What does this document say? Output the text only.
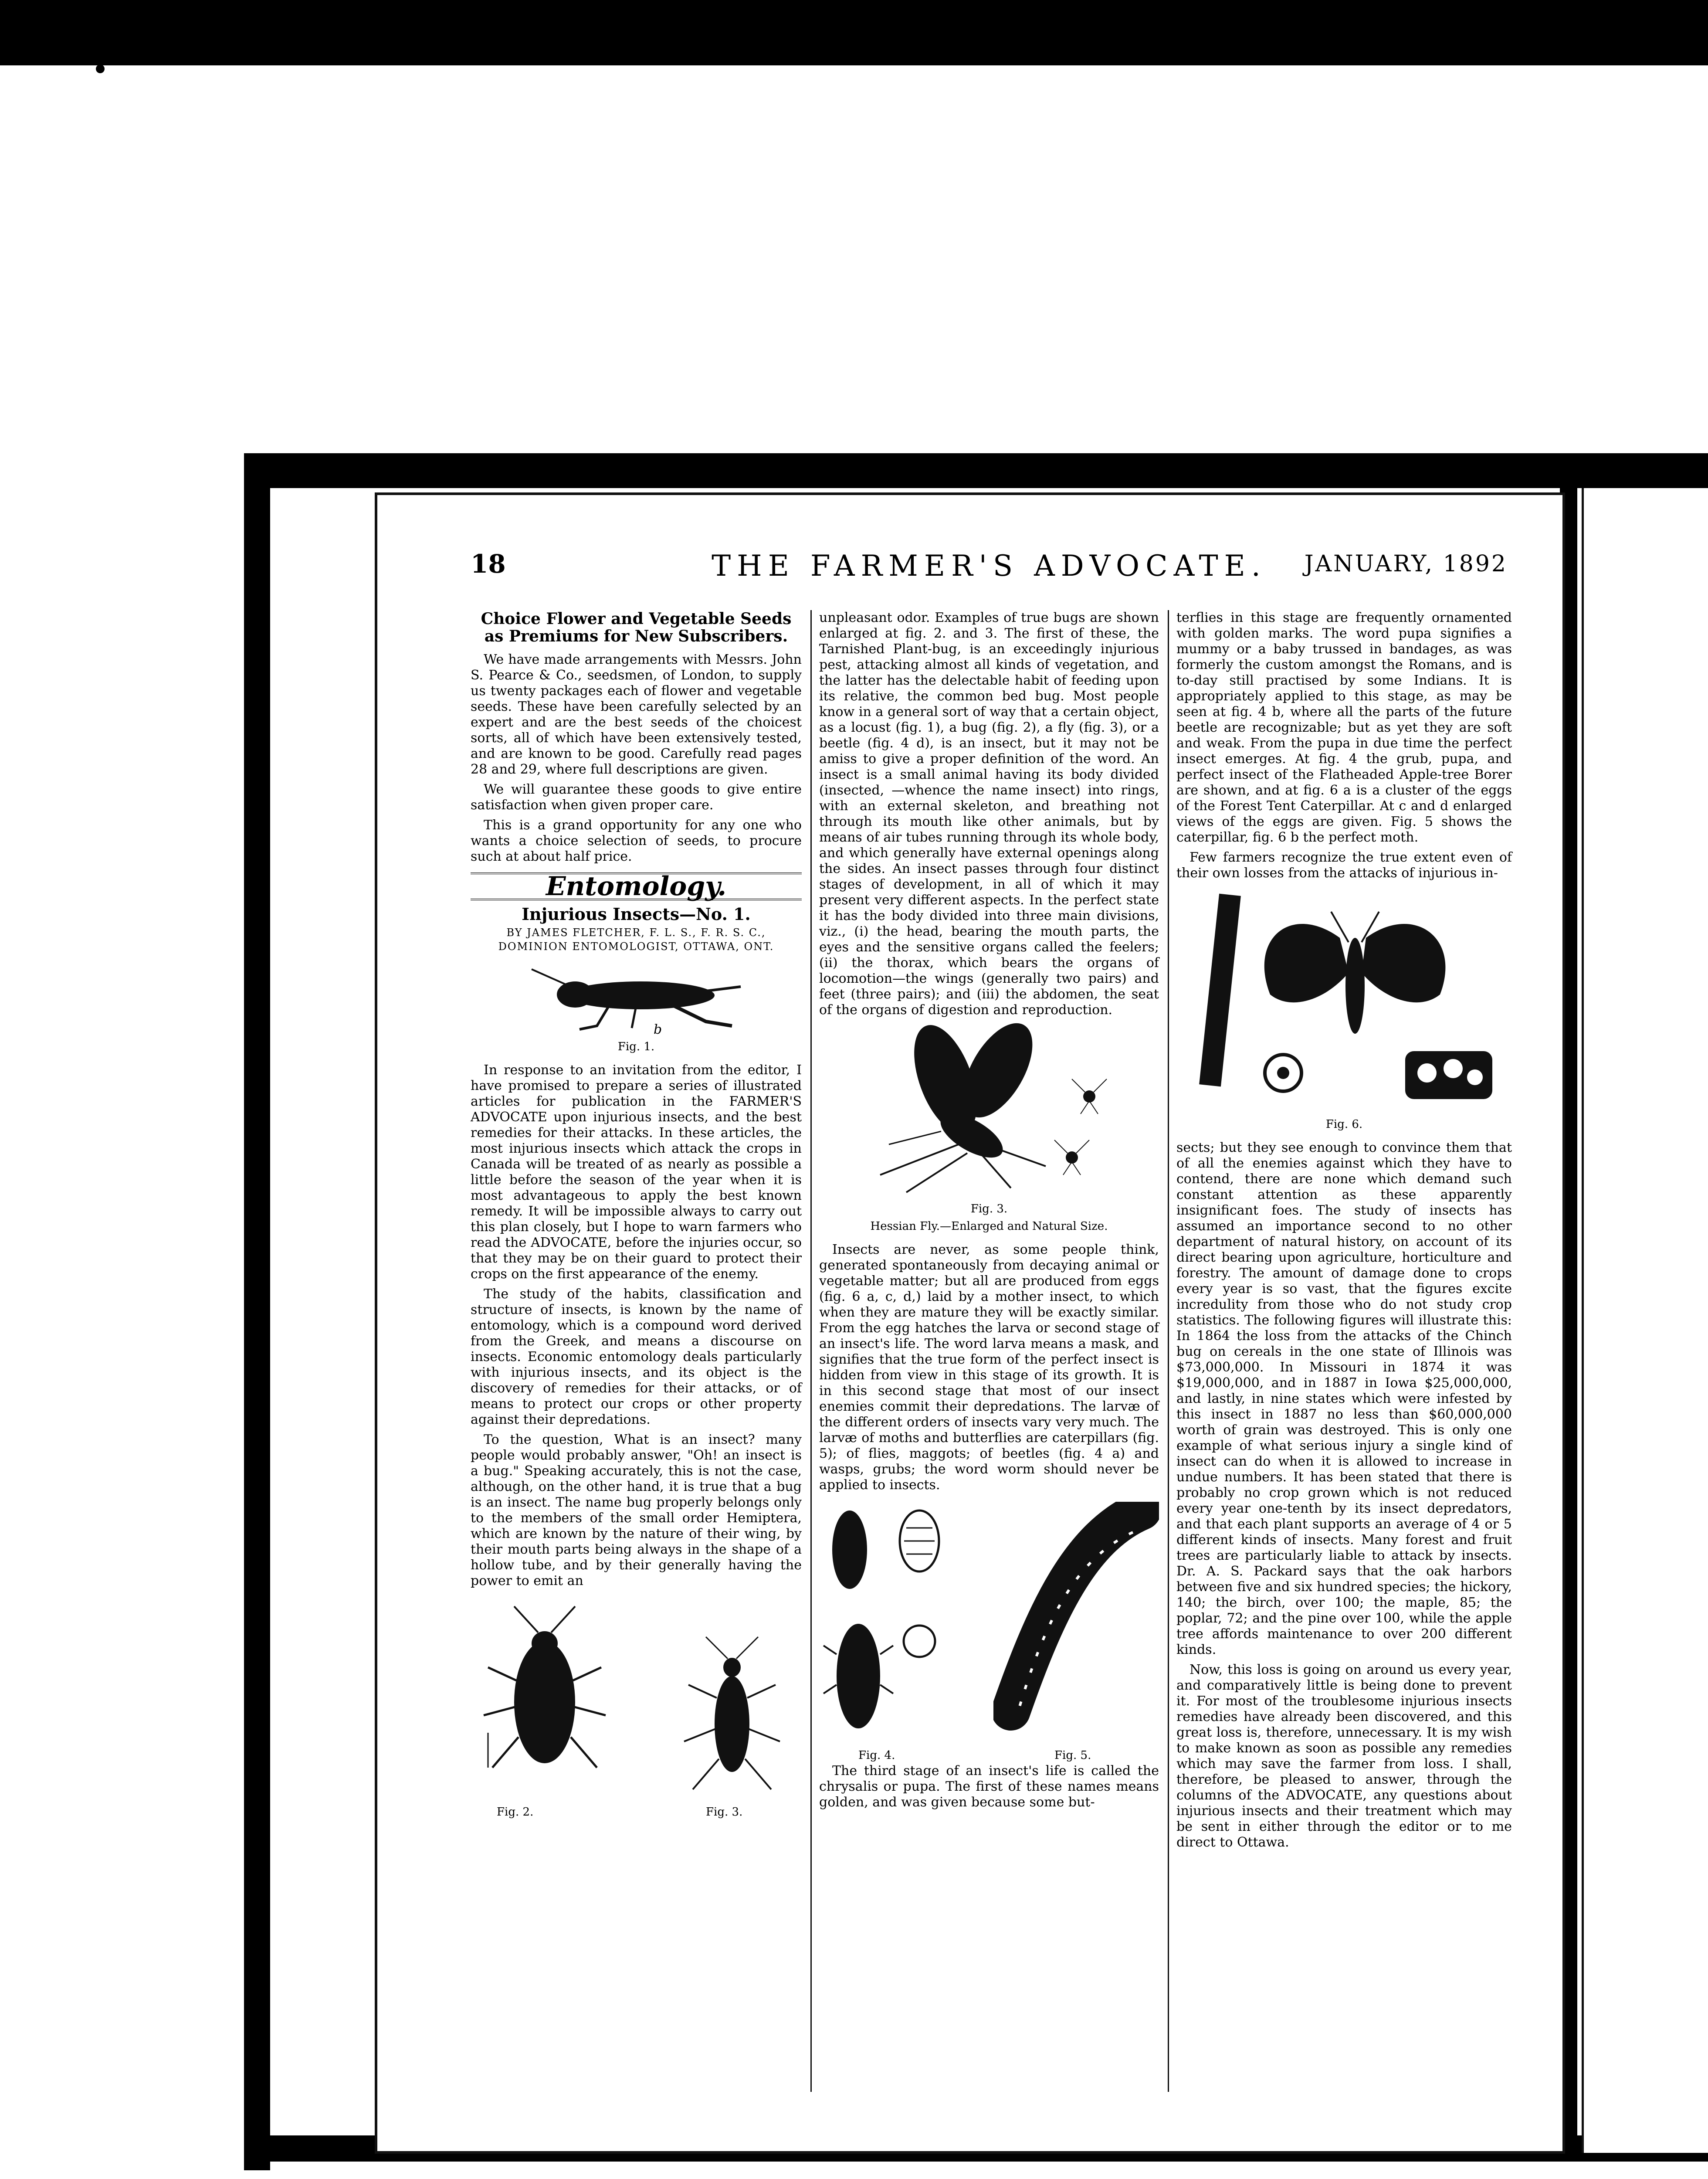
18	THE FARMER'S ADVOCATE.	JANUARY, 1892
Choice Flower and Vegetable Seeds as Premiums for New Subscribers.

We have made arrangements with Messrs. John S. Pearce & Co., seedsmen, of London, to supply us twenty packages each of flower and vegetable seeds. These have been carefully selected by an expert and are the best seeds of the choicest sorts, all of which have been extensively tested, and are known to be good. Carefully read pages 28 and 29, where full descriptions are given.

We will guarantee these goods to give entire satisfaction when given proper care.

This is a grand opportunity for any one who wants a choice selection of seeds, to procure such at about half price.

Entomology.
Injurious Insects—No. 1.
BY JAMES FLETCHER, F. L. S., F. R. S. C., DOMINION ENTOMOLOGIST, OTTAWA, ONT.
b
Fig. 1.

In response to an invitation from the editor, I have promised to prepare a series of illustrated articles for publication in the FARMER'S ADVOCATE upon injurious insects, and the best remedies for their attacks. In these articles, the most injurious insects which attack the crops in Canada will be treated of as nearly as possible a little before the season of the year when it is most advantageous to apply the best known remedy. It will be impossible always to carry out this plan closely, but I hope to warn farmers who read the ADVOCATE, before the injuries occur, so that they may be on their guard to protect their crops on the first appearance of the enemy.

The study of the habits, classification and structure of insects, is known by the name of entomology, which is a compound word derived from the Greek, and means a discourse on insects. Economic entomology deals particularly with injurious insects, and its object is the discovery of remedies for their attacks, or of means to protect our crops or other property against their depredations.

To the question, What is an insect? many people would probably answer, "Oh! an insect is a bug." Speaking accurately, this is not the case, although, on the other hand, it is true that a bug is an insect. The name bug properly belongs only to the members of the small order Hemiptera, which are known by the nature of their wing, by their mouth parts being always in the shape of a hollow tube, and by their generally having the power to emit an

Fig. 2.	Fig. 3.

unpleasant odor. Examples of true bugs are shown enlarged at fig. 2. and 3. The first of these, the Tarnished Plant-bug, is an exceedingly injurious pest, attacking almost all kinds of vegetation, and the latter has the delectable habit of feeding upon its relative, the common bed bug. Most people know in a general sort of way that a certain object, as a locust (fig. 1), a bug (fig. 2), a fly (fig. 3), or a beetle (fig. 4 d), is an insect, but it may not be amiss to give a proper definition of the word. An insect is a small animal having its body divided (insected, —whence the name insect) into rings, with an external skeleton, and breathing not through its mouth like other animals, but by means of air tubes running through its whole body, and which generally have external openings along the sides. An insect passes through four distinct stages of development, in all of which it may present very different aspects. In the perfect state it has the body divided into three main divisions, viz., (i) the head, bearing the mouth parts, the eyes and the sensitive organs called the feelers; (ii) the thorax, which bears the organs of locomotion—the wings (generally two pairs) and feet (three pairs); and (iii) the abdomen, the seat of the organs of digestion and reproduction.

Fig. 3.
Hessian Fly.—Enlarged and Natural Size.

Insects are never, as some people think, generated spontaneously from decaying animal or vegetable matter; but all are produced from eggs (fig. 6 a, c, d,) laid by a mother insect, to which when they are mature they will be exactly similar. From the egg hatches the larva or second stage of an insect's life. The word larva means a mask, and signifies that the true form of the perfect insect is hidden from view in this stage of its growth. It is in this second stage that most of our insect enemies commit their depredations. The larvæ of the different orders of insects vary very much. The larvæ of moths and butterflies are caterpillars (fig. 5); of flies, maggots; of beetles (fig. 4 a) and wasps, grubs; the word worm should never be applied to insects.

Fig. 4.	Fig. 5.

The third stage of an insect's life is called the chrysalis or pupa. The first of these names means golden, and was given because some but-

terflies in this stage are frequently ornamented with golden marks. The word pupa signifies a mummy or a baby trussed in bandages, as was formerly the custom amongst the Romans, and is to-day still practised by some Indians. It is appropriately applied to this stage, as may be seen at fig. 4 b, where all the parts of the future beetle are recognizable; but as yet they are soft and weak. From the pupa in due time the perfect insect emerges. At fig. 4 the grub, pupa, and perfect insect of the Flatheaded Apple-tree Borer are shown, and at fig. 6 a is a cluster of the eggs of the Forest Tent Caterpillar. At c and d enlarged views of the eggs are given. Fig. 5 shows the caterpillar, fig. 6 b the perfect moth.

Few farmers recognize the true extent even of their own losses from the attacks of injurious in-

Fig. 6.

sects; but they see enough to convince them that of all the enemies against which they have to contend, there are none which demand such constant attention as these apparently insignificant foes. The study of insects has assumed an importance second to no other department of natural history, on account of its direct bearing upon agriculture, horticulture and forestry. The amount of damage done to crops every year is so vast, that the figures excite incredulity from those who do not study crop statistics. The following figures will illustrate this: In 1864 the loss from the attacks of the Chinch bug on cereals in the one state of Illinois was $73,000,000. In Missouri in 1874 it was $19,000,000, and in 1887 in Iowa $25,000,000, and lastly, in nine states which were infested by this insect in 1887 no less than $60,000,000 worth of grain was destroyed. This is only one example of what serious injury a single kind of insect can do when it is allowed to increase in undue numbers. It has been stated that there is probably no crop grown which is not reduced every year one-tenth by its insect depredators, and that each plant supports an average of 4 or 5 different kinds of insects. Many forest and fruit trees are particularly liable to attack by insects. Dr. A. S. Packard says that the oak harbors between five and six hundred species; the hickory, 140; the birch, over 100; the maple, 85; the poplar, 72; and the pine over 100, while the apple tree affords maintenance to over 200 different kinds.

Now, this loss is going on around us every year, and comparatively little is being done to prevent it. For most of the troublesome injurious insects remedies have already been discovered, and this great loss is, therefore, unnecessary. It is my wish to make known as soon as possible any remedies which may save the farmer from loss. I shall, therefore, be pleased to answer, through the columns of the ADVOCATE, any questions about injurious insects and their treatment which may be sent in either through the editor or to me direct to Ottawa.
